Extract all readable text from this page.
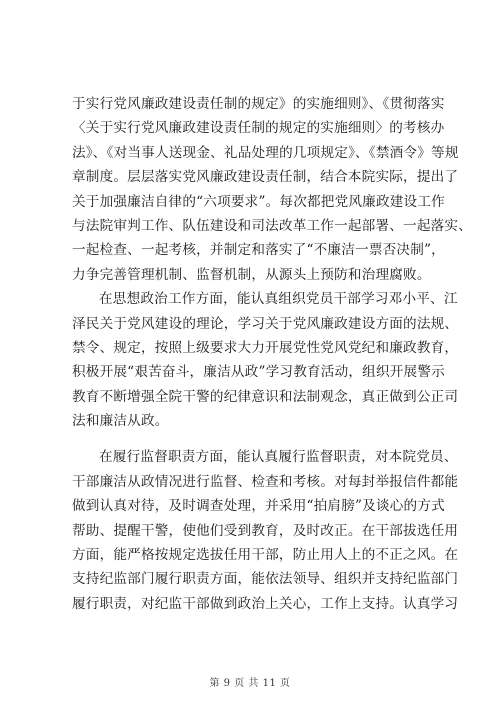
于实行党风廉政建设责任制的规定》的实施细则》、《贯彻落实
〈关于实行党风廉政建设责任制的规定的实施细则〉的考核办
法》、《对当事人送现金、礼品处理的几项规定》、《禁酒令》等规
章制度。层层落实党风廉政建设责任制，结合本院实际，提出了
关于加强廉洁自律的“六项要求”。每次都把党风廉政建设工作
与法院审判工作、队伍建设和司法改革工作一起部署、一起落实、
一起检查、一起考核，并制定和落实了“不廉洁一票否决制”，
力争完善管理机制、监督机制，从源头上预防和治理腐败。
在思想政治工作方面，能认真组织党员干部学习邓小平、江
泽民关于党风建设的理论，学习关于党风廉政建设方面的法规、
禁令、规定，按照上级要求大力开展党性党风党纪和廉政教育，
积极开展“艰苦奋斗，廉洁从政”学习教育活动，组织开展警示
教育不断增强全院干警的纪律意识和法制观念，真正做到公正司
法和廉洁从政。
在履行监督职责方面，能认真履行监督职责，对本院党员、
干部廉洁从政情况进行监督、检查和考核。对每封举报信件都能
做到认真对待，及时调查处理，并采用“拍肩膀”及谈心的方式
帮助、提醒干警，使他们受到教育，及时改正。在干部拔选任用
方面，能严格按规定选拔任用干部，防止用人上的不正之风。在
支持纪监部门履行职责方面，能依法领导、组织并支持纪监部门
履行职责，对纪监干部做到政治上关心，工作上支持。认真学习
第 9 页 共 11 页
